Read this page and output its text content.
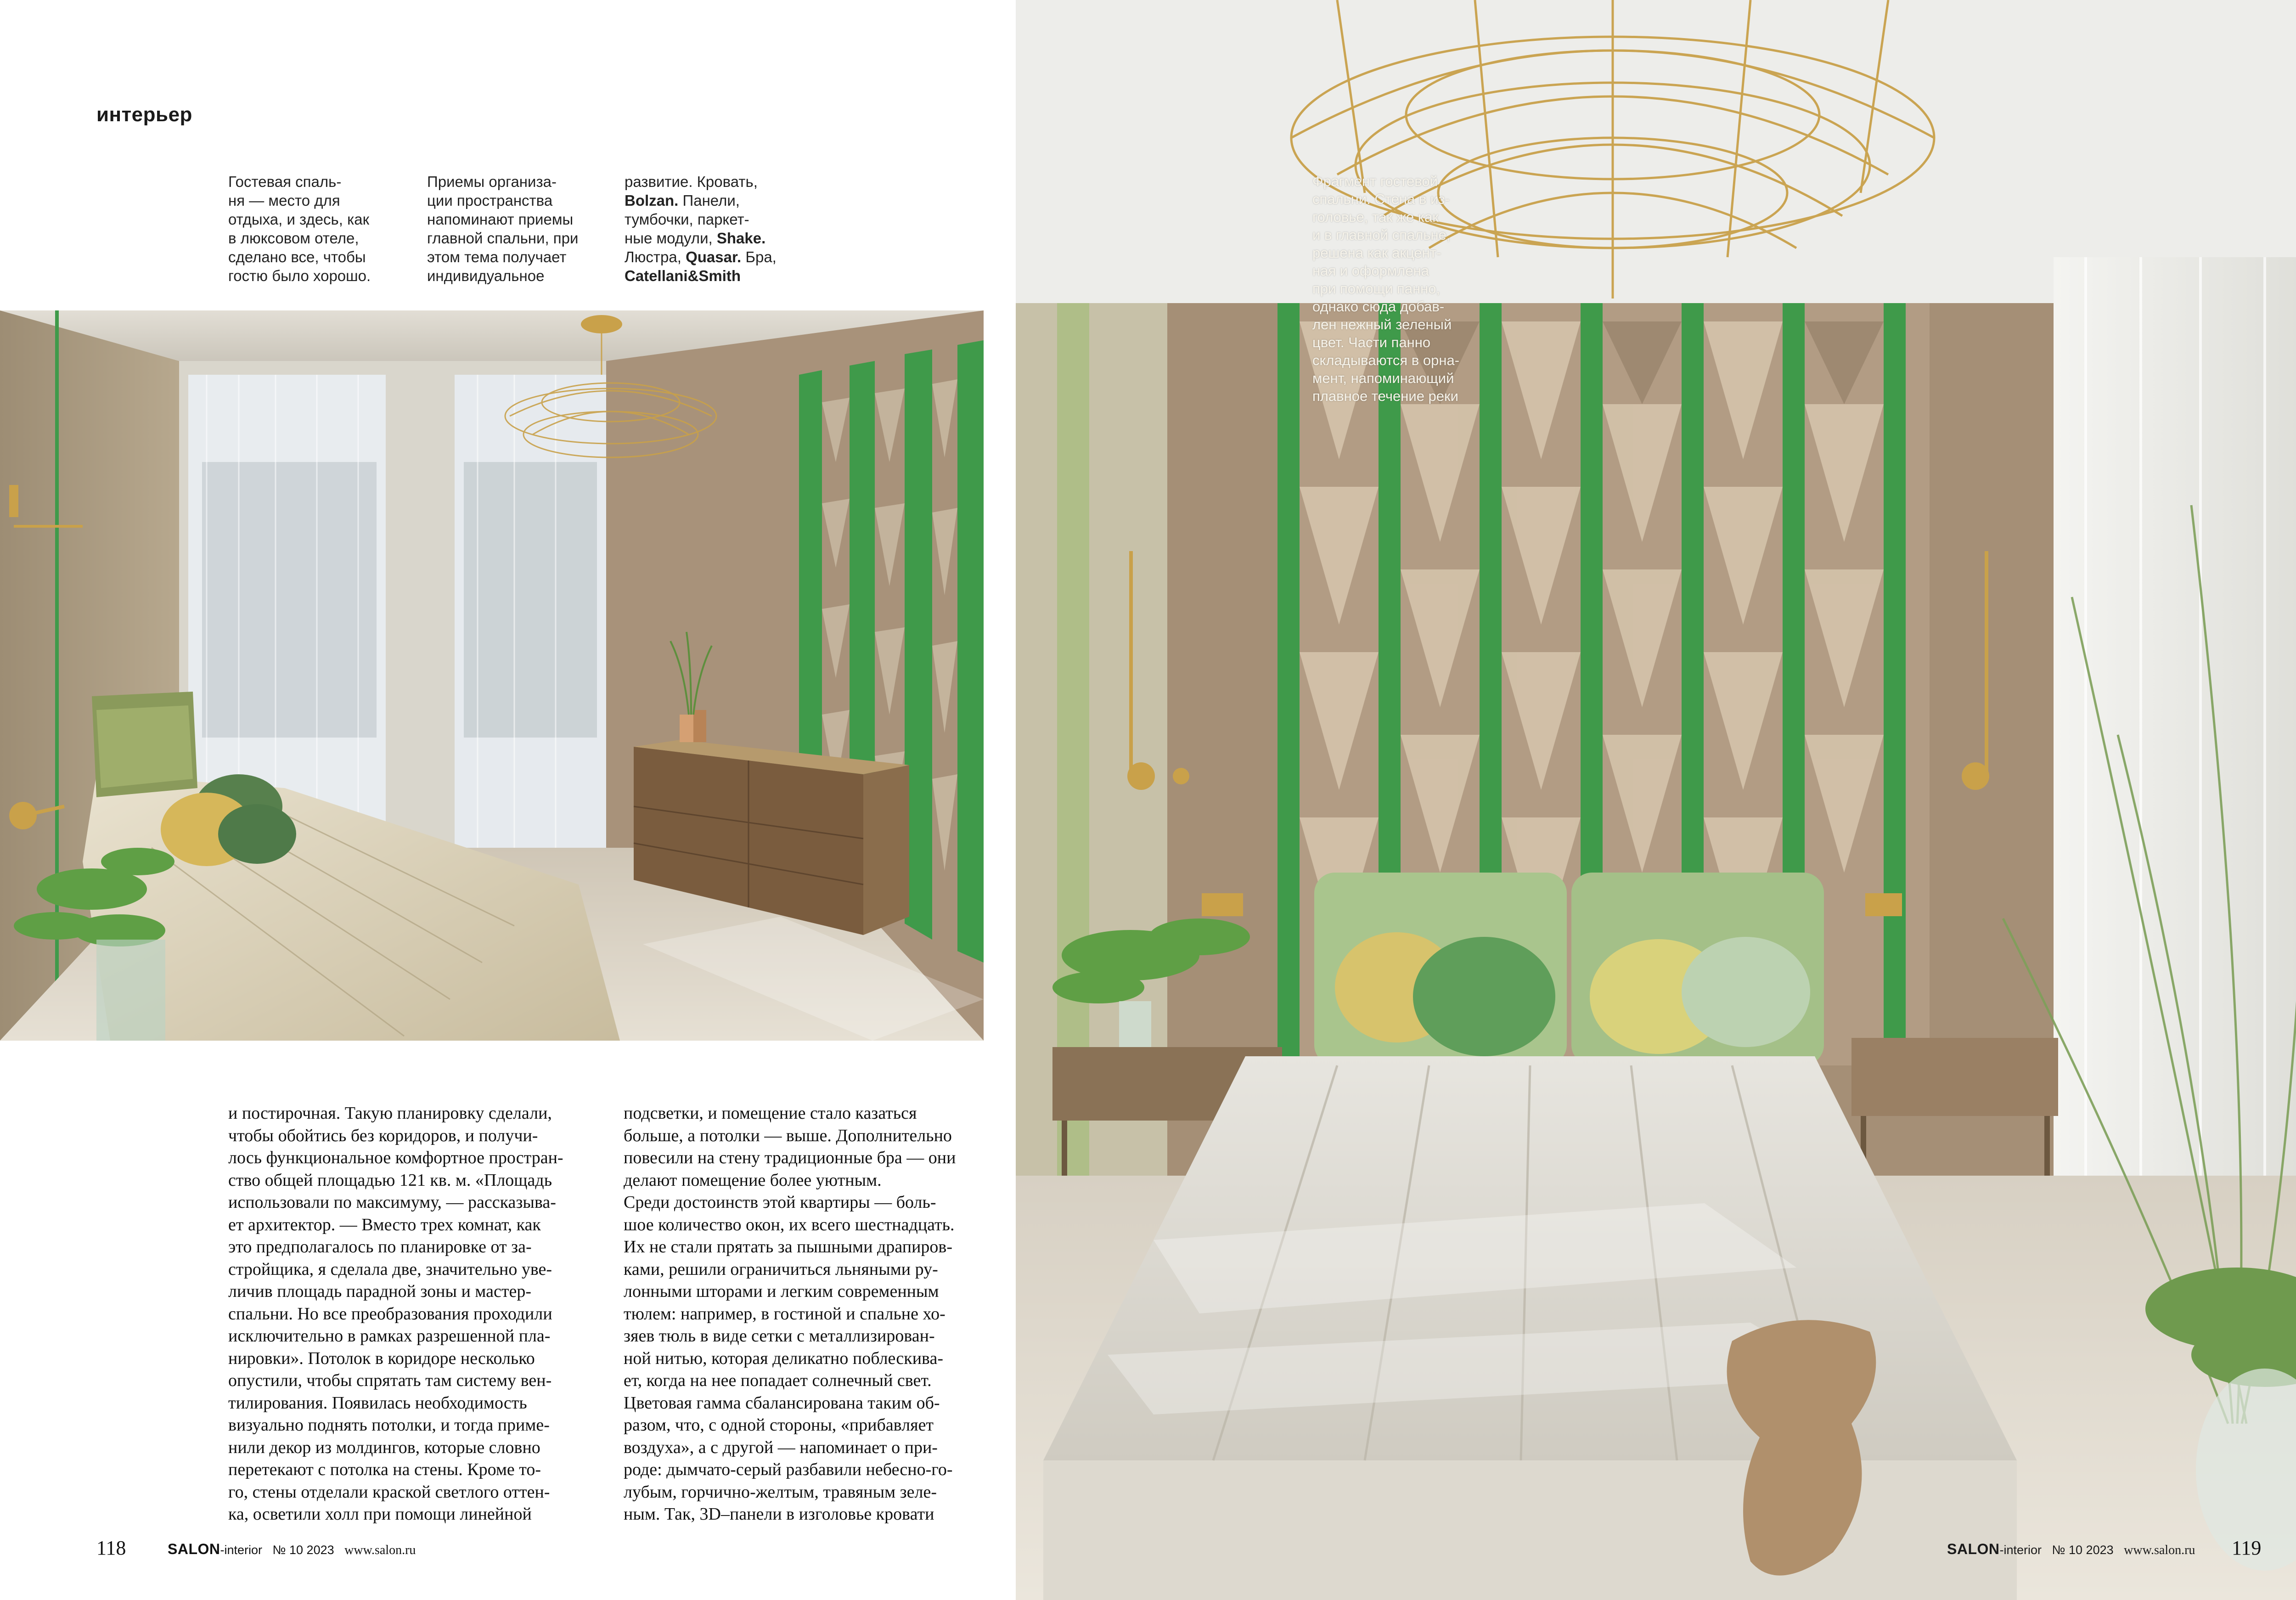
интерьер
Гостевая спаль-
ня — место для
отдыха, и здесь, как
в люксовом отеле,
сделано все, чтобы
гостю было хорошо.
Приемы организа-
ции пространства
напоминают приемы
главной спальни, при
этом тема получает
индивидуальное
развитие. Кровать,
Bolzan. Панели,
тумбочки, паркет-
ные модули, Shake.
Люстра, Quasar. Бра,
Catellani&Smith
и постирочная. Такую планировку сделали,
чтобы обойтись без коридоров, и получи-
лось функциональное комфортное простран-
ство общей площадью 121 кв. м. «Площадь
использовали по максимуму, — рассказыва-
ет архитектор. — Вместо трех комнат, как
это предполагалось по планировке от за-
стройщика, я сделала две, значительно уве-
личив площадь парадной зоны и мастер-
спальни. Но все преобразования проходили
исключительно в рамках разрешенной пла-
нировки». Потолок в коридоре несколько
опустили, чтобы спрятать там систему вен-
тилирования. Появилась необходимость
визуально поднять потолки, и тогда приме-
нили декор из молдингов, которые словно
перетекают с потолка на стены. Кроме то-
го, стены отделали краской светлого оттен-
ка, осветили холл при помощи линейной
подсветки, и помещение стало казаться
больше, а потолки — выше. Дополнительно
повесили на стену традиционные бра — они
делают помещение более уютным.
Среди достоинств этой квартиры — боль-
шое количество окон, их всего шестнадцать.
Их не стали прятать за пышными драпиров-
ками, решили ограничиться льняными ру-
лонными шторами и легким современным
тюлем: например, в гостиной и спальне хо-
зяев тюль в виде сетки с металлизирован-
ной нитью, которая деликатно поблескива-
ет, когда на нее попадает солнечный свет.
Цветовая гамма сбалансирована таким об-
разом, что, с одной стороны, «прибавляет
воздуха», а с другой — напоминает о при-
роде: дымчато-серый разбавили небесно-го-
лубым, горчично-желтым, травяным зеле-
ным. Так, 3D–панели в изголовье кровати
118	SALON-interior № 10 2023 www.salon.ru
Фрагмент гостевой
спальни. Стена в из-
головье, так же как
и в главной спальне,
решена как акцент-
ная и оформлена
при помощи панно,
однако сюда добав-
лен нежный зеленый
цвет. Части панно
складываются в орна-
мент, напоминающий
плавное течение реки
SALON-interior № 10 2023 www.salon.ru 119
